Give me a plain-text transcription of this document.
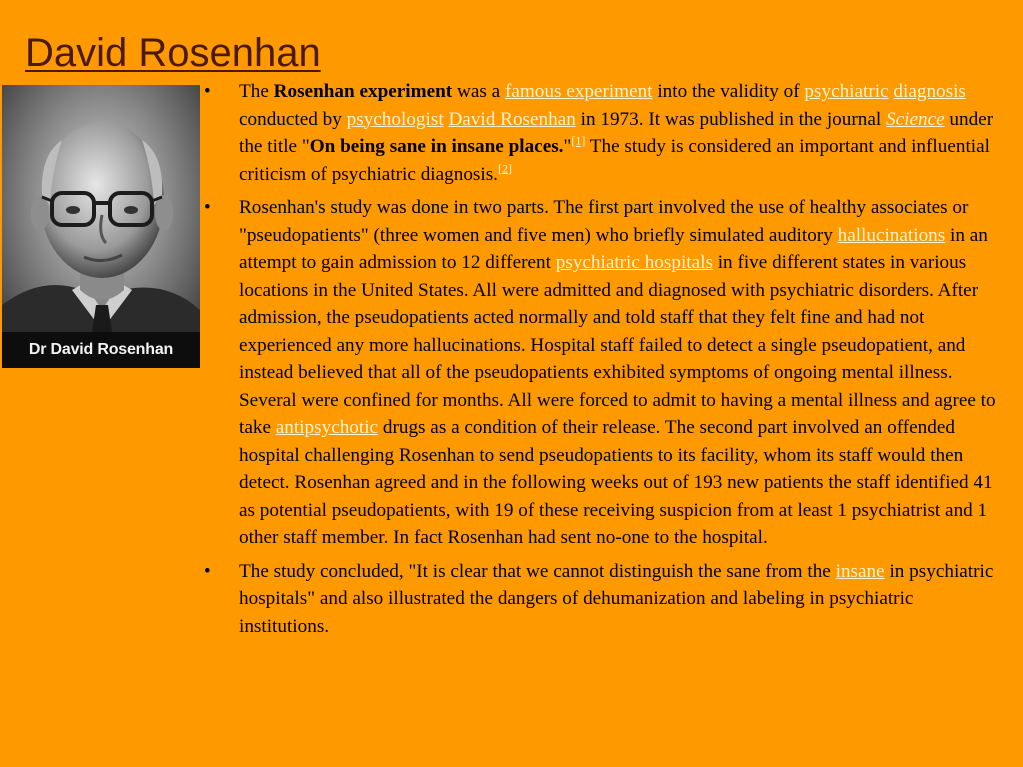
David Rosenhan
Dr David Rosenhan
• The Rosenhan experiment was a famous experiment into the validity of psychiatric diagnosis conducted by psychologist David Rosenhan in 1973. It was published in the journal Science under the title "On being sane in insane places."[1] The study is considered an important and influential criticism of psychiatric diagnosis.[2]
• Rosenhan's study was done in two parts. The first part involved the use of healthy associates or "pseudopatients" (three women and five men) who briefly simulated auditory hallucinations in an attempt to gain admission to 12 different psychiatric hospitals in five different states in various locations in the United States. All were admitted and diagnosed with psychiatric disorders. After admission, the pseudopatients acted normally and told staff that they felt fine and had not experienced any more hallucinations. Hospital staff failed to detect a single pseudopatient, and instead believed that all of the pseudopatients exhibited symptoms of ongoing mental illness. Several were confined for months. All were forced to admit to having a mental illness and agree to take antipsychotic drugs as a condition of their release. The second part involved an offended hospital challenging Rosenhan to send pseudopatients to its facility, whom its staff would then detect. Rosenhan agreed and in the following weeks out of 193 new patients the staff identified 41 as potential pseudopatients, with 19 of these receiving suspicion from at least 1 psychiatrist and 1 other staff member. In fact Rosenhan had sent no-one to the hospital.
• The study concluded, "It is clear that we cannot distinguish the sane from the insane in psychiatric hospitals" and also illustrated the dangers of dehumanization and labeling in psychiatric institutions.
